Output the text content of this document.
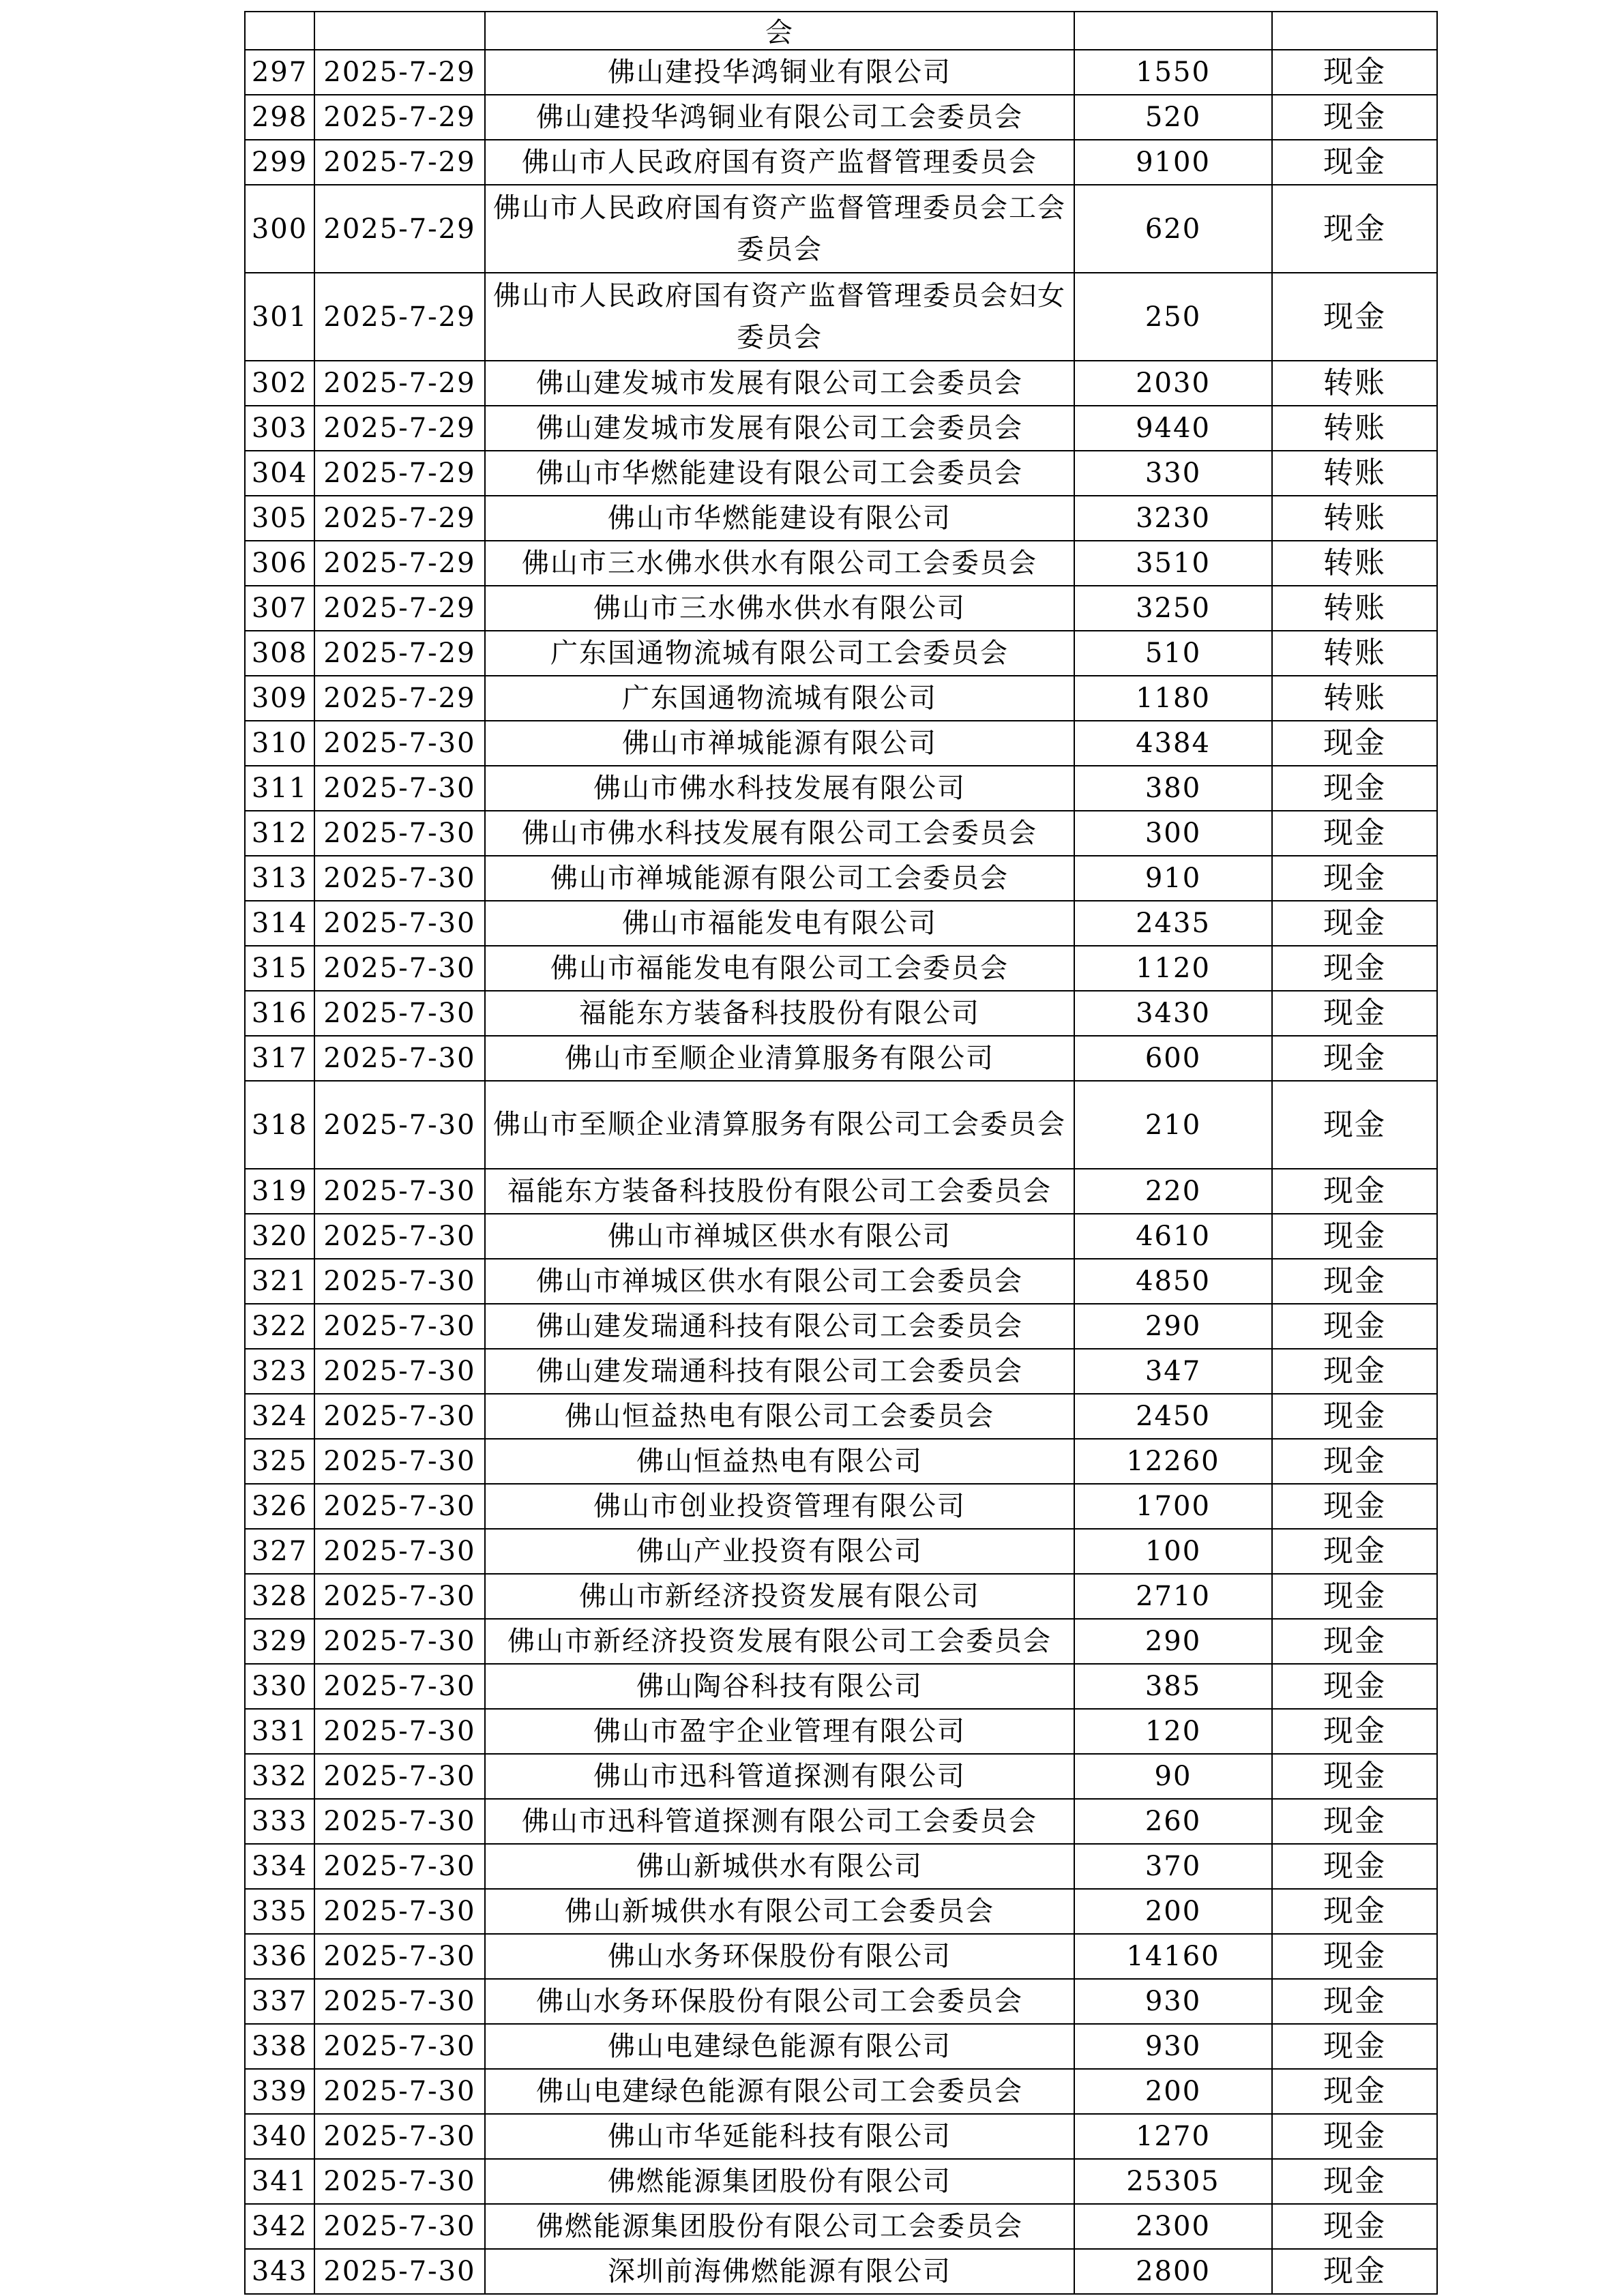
		会		
297	2025-7-29	佛山建投华鸿铜业有限公司	1550	现金
298	2025-7-29	佛山建投华鸿铜业有限公司工会委员会	520	现金
299	2025-7-29	佛山市人民政府国有资产监督管理委员会	9100	现金
300	2025-7-29	佛山市人民政府国有资产监督管理委员会工会委员会	620	现金
301	2025-7-29	佛山市人民政府国有资产监督管理委员会妇女委员会	250	现金
302	2025-7-29	佛山建发城市发展有限公司工会委员会	2030	转账
303	2025-7-29	佛山建发城市发展有限公司工会委员会	9440	转账
304	2025-7-29	佛山市华燃能建设有限公司工会委员会	330	转账
305	2025-7-29	佛山市华燃能建设有限公司	3230	转账
306	2025-7-29	佛山市三水佛水供水有限公司工会委员会	3510	转账
307	2025-7-29	佛山市三水佛水供水有限公司	3250	转账
308	2025-7-29	广东国通物流城有限公司工会委员会	510	转账
309	2025-7-29	广东国通物流城有限公司	1180	转账
310	2025-7-30	佛山市禅城能源有限公司	4384	现金
311	2025-7-30	佛山市佛水科技发展有限公司	380	现金
312	2025-7-30	佛山市佛水科技发展有限公司工会委员会	300	现金
313	2025-7-30	佛山市禅城能源有限公司工会委员会	910	现金
314	2025-7-30	佛山市福能发电有限公司	2435	现金
315	2025-7-30	佛山市福能发电有限公司工会委员会	1120	现金
316	2025-7-30	福能东方装备科技股份有限公司	3430	现金
317	2025-7-30	佛山市至顺企业清算服务有限公司	600	现金
318	2025-7-30	佛山市至顺企业清算服务有限公司工会委员会	210	现金
319	2025-7-30	福能东方装备科技股份有限公司工会委员会	220	现金
320	2025-7-30	佛山市禅城区供水有限公司	4610	现金
321	2025-7-30	佛山市禅城区供水有限公司工会委员会	4850	现金
322	2025-7-30	佛山建发瑞通科技有限公司工会委员会	290	现金
323	2025-7-30	佛山建发瑞通科技有限公司工会委员会	347	现金
324	2025-7-30	佛山恒益热电有限公司工会委员会	2450	现金
325	2025-7-30	佛山恒益热电有限公司	12260	现金
326	2025-7-30	佛山市创业投资管理有限公司	1700	现金
327	2025-7-30	佛山产业投资有限公司	100	现金
328	2025-7-30	佛山市新经济投资发展有限公司	2710	现金
329	2025-7-30	佛山市新经济投资发展有限公司工会委员会	290	现金
330	2025-7-30	佛山陶谷科技有限公司	385	现金
331	2025-7-30	佛山市盈宇企业管理有限公司	120	现金
332	2025-7-30	佛山市迅科管道探测有限公司	90	现金
333	2025-7-30	佛山市迅科管道探测有限公司工会委员会	260	现金
334	2025-7-30	佛山新城供水有限公司	370	现金
335	2025-7-30	佛山新城供水有限公司工会委员会	200	现金
336	2025-7-30	佛山水务环保股份有限公司	14160	现金
337	2025-7-30	佛山水务环保股份有限公司工会委员会	930	现金
338	2025-7-30	佛山电建绿色能源有限公司	930	现金
339	2025-7-30	佛山电建绿色能源有限公司工会委员会	200	现金
340	2025-7-30	佛山市华延能科技有限公司	1270	现金
341	2025-7-30	佛燃能源集团股份有限公司	25305	现金
342	2025-7-30	佛燃能源集团股份有限公司工会委员会	2300	现金
343	2025-7-30	深圳前海佛燃能源有限公司	2800	现金
